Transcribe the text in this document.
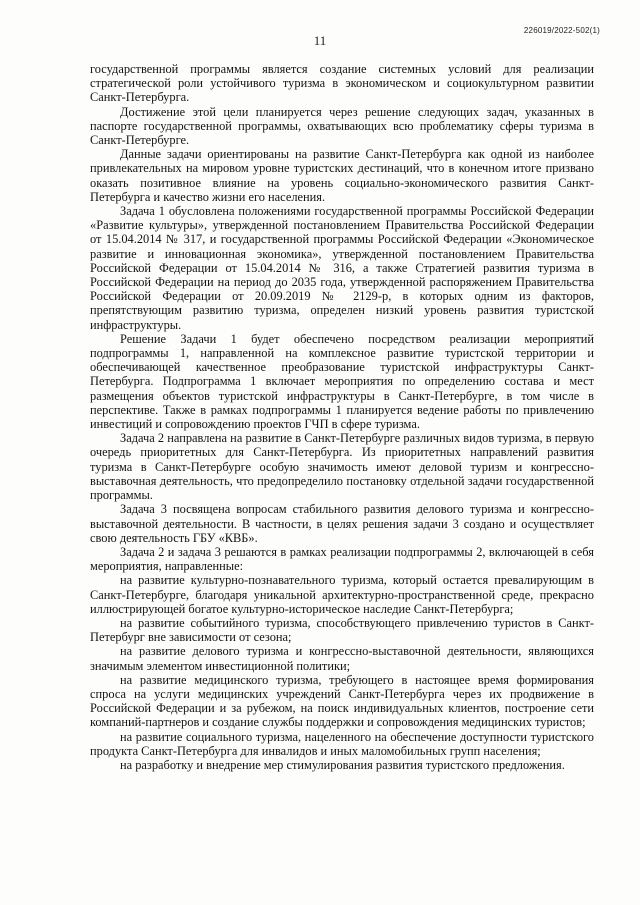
226019/2022-502(1)
11

государственной программы является создание системных условий для реализации стратегической роли устойчивого туризма в экономическом и социокультурном развитии Санкт-Петербурга.

Достижение этой цели планируется через решение следующих задач, указанных в паспорте государственной программы, охватывающих всю проблематику сферы туризма в Санкт-Петербурге.

Данные задачи ориентированы на развитие Санкт-Петербурга как одной из наиболее привлекательных на мировом уровне туристских дестинаций, что в конечном итоге призвано оказать позитивное влияние на уровень социально-экономического развития Санкт-Петербурга и качество жизни его населения.

Задача 1 обусловлена положениями государственной программы Российской Федерации «Развитие культуры», утвержденной постановлением Правительства Российской Федерации от 15.04.2014 № 317, и государственной программы Российской Федерации «Экономическое развитие и инновационная экономика», утвержденной постановлением Правительства Российской Федерации от 15.04.2014 № 316, а также Стратегией развития туризма в Российской Федерации на период до 2035 года, утвержденной распоряжением Правительства Российской Федерации от 20.09.2019 № 2129-р, в которых одним из факторов, препятствующим развитию туризма, определен низкий уровень развития туристской инфраструктуры.

Решение Задачи 1 будет обеспечено посредством реализации мероприятий подпрограммы 1, направленной на комплексное развитие туристской территории и обеспечивающей качественное преобразование туристской инфраструктуры Санкт-Петербурга. Подпрограмма 1 включает мероприятия по определению состава и мест размещения объектов туристской инфраструктуры в Санкт-Петербурге, в том числе в перспективе. Также в рамках подпрограммы 1 планируется ведение работы по привлечению инвестиций и сопровождению проектов ГЧП в сфере туризма.

Задача 2 направлена на развитие в Санкт-Петербурге различных видов туризма, в первую очередь приоритетных для Санкт-Петербурга. Из приоритетных направлений развития туризма в Санкт-Петербурге особую значимость имеют деловой туризм и конгрессно-выставочная деятельность, что предопределило постановку отдельной задачи государственной программы.

Задача 3 посвящена вопросам стабильного развития делового туризма и конгрессно-выставочной деятельности. В частности, в целях решения задачи 3 создано и осуществляет свою деятельность ГБУ «КВБ».

Задача 2 и задача 3 решаются в рамках реализации подпрограммы 2, включающей в себя мероприятия, направленные:

на развитие культурно-познавательного туризма, который остается превалирующим в Санкт-Петербурге, благодаря уникальной архитектурно-пространственной среде, прекрасно иллюстрирующей богатое культурно-историческое наследие Санкт-Петербурга;

на развитие событийного туризма, способствующего привлечению туристов в Санкт-Петербург вне зависимости от сезона;

на развитие делового туризма и конгрессно-выставочной деятельности, являющихся значимым элементом инвестиционной политики;

на развитие медицинского туризма, требующего в настоящее время формирования спроса на услуги медицинских учреждений Санкт-Петербурга через их продвижение в Российской Федерации и за рубежом, на поиск индивидуальных клиентов, построение сети компаний-партнеров и создание службы поддержки и сопровождения медицинских туристов;

на развитие социального туризма, нацеленного на обеспечение доступности туристского продукта Санкт-Петербурга для инвалидов и иных маломобильных групп населения;

на разработку и внедрение мер стимулирования развития туристского предложения.
